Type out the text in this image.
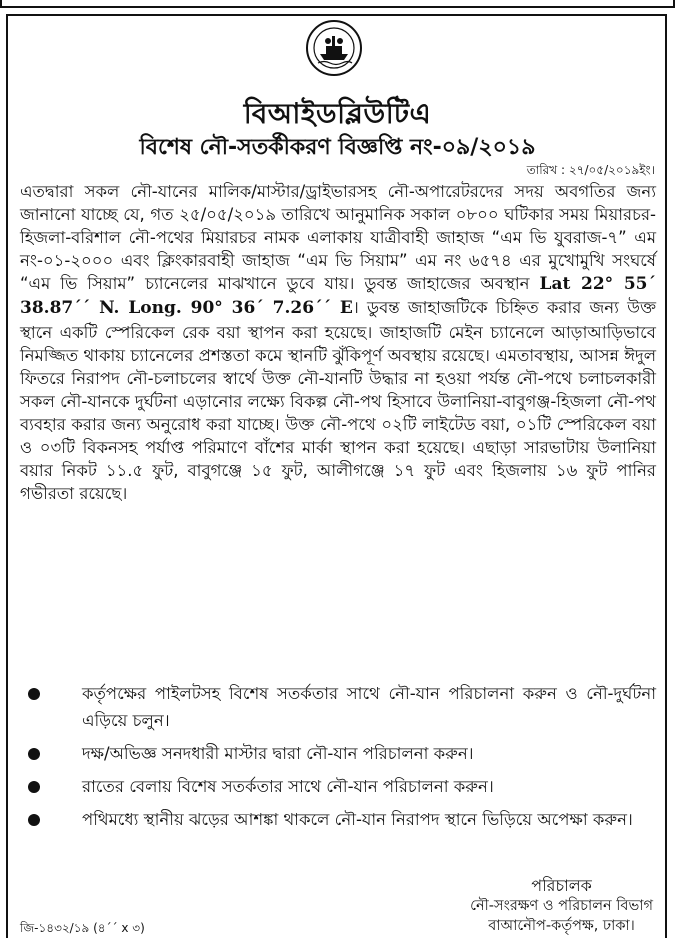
বিআইডব্লিউটিএ
বিশেষ নৌ-সতর্কীকরণ বিজ্ঞপ্তি নং-০৯/২০১৯
তারিখ : ২৭/০৫/২০১৯ইং।

এতদ্বারা সকল নৌ-যানের মালিক/মাস্টার/ড্রাইভারসহ নৌ-অপারেটরদের সদয় অবগতির জন্য জানানো যাচ্ছে যে, গত ২৫/০৫/২০১৯ তারিখে আনুমানিক সকাল ০৮০০ ঘটিকার সময় মিয়ারচর-হিজলা-বরিশাল নৌ-পথের মিয়ারচর নামক এলাকায় যাত্রীবাহী জাহাজ “এম ভি যুবরাজ-৭” এম নং-০১-২০০০ এবং ক্লিংকারবাহী জাহাজ “এম ভি সিয়াম” এম নং ৬৫৭৪ এর মুখোমুখি সংঘর্ষে “এম ভি সিয়াম” চ্যানেলের মাঝখানে ডুবে যায়। ডুবন্ত জাহাজের অবস্থান Lat 22° 55´ 38.87´´ N. Long. 90° 36´ 7.26´´ E। ডুবন্ত জাহাজটিকে চিহ্নিত করার জন্য উক্ত স্থানে একটি স্পেরিকেল রেক বয়া স্থাপন করা হয়েছে। জাহাজটি মেইন চ্যানেলে আড়াআড়িভাবে নিমজ্জিত থাকায় চ্যানেলের প্রশস্ততা কমে স্থানটি ঝুঁকিপূর্ণ অবস্থায় রয়েছে। এমতাবস্থায়, আসন্ন ঈদুল ফিতরে নিরাপদ নৌ-চলাচলের স্বার্থে উক্ত নৌ-যানটি উদ্ধার না হওয়া পর্যন্ত নৌ-পথে চলাচলকারী সকল নৌ-যানকে দুর্ঘটনা এড়ানোর লক্ষ্যে বিকল্প নৌ-পথ হিসাবে উলানিয়া-বাবুগঞ্জ-হিজলা নৌ-পথ ব্যবহার করার জন্য অনুরোধ করা যাচ্ছে। উক্ত নৌ-পথে ০২টি লাইটেড বয়া, ০১টি স্পেরিকেল বয়া ও ০৩টি বিকনসহ পর্যাপ্ত পরিমাণে বাঁশের মার্কা স্থাপন করা হয়েছে। এছাড়া সারভাটায় উলানিয়া বয়ার নিকট ১১.৫ ফুট, বাবুগঞ্জে ১৫ ফুট, আলীগঞ্জে ১৭ ফুট এবং হিজলায় ১৬ ফুট পানির গভীরতা রয়েছে।

কর্তৃপক্ষের পাইলটসহ বিশেষ সতর্কতার সাথে নৌ-যান পরিচালনা করুন ও নৌ-দুর্ঘটনা এড়িয়ে চলুন।
দক্ষ/অভিজ্ঞ সনদধারী মাস্টার দ্বারা নৌ-যান পরিচালনা করুন।
রাতের বেলায় বিশেষ সতর্কতার সাথে নৌ-যান পরিচালনা করুন।
পথিমধ্যে স্থানীয় ঝড়ের আশঙ্কা থাকলে নৌ-যান নিরাপদ স্থানে ভিড়িয়ে অপেক্ষা করুন।
পরিচালক
নৌ-সংরক্ষণ ও পরিচালন বিভাগ
বাআনৌপ-কর্তৃপক্ষ, ঢাকা।
জি-১৪৩২/১৯ (৪´´ x ৩)
